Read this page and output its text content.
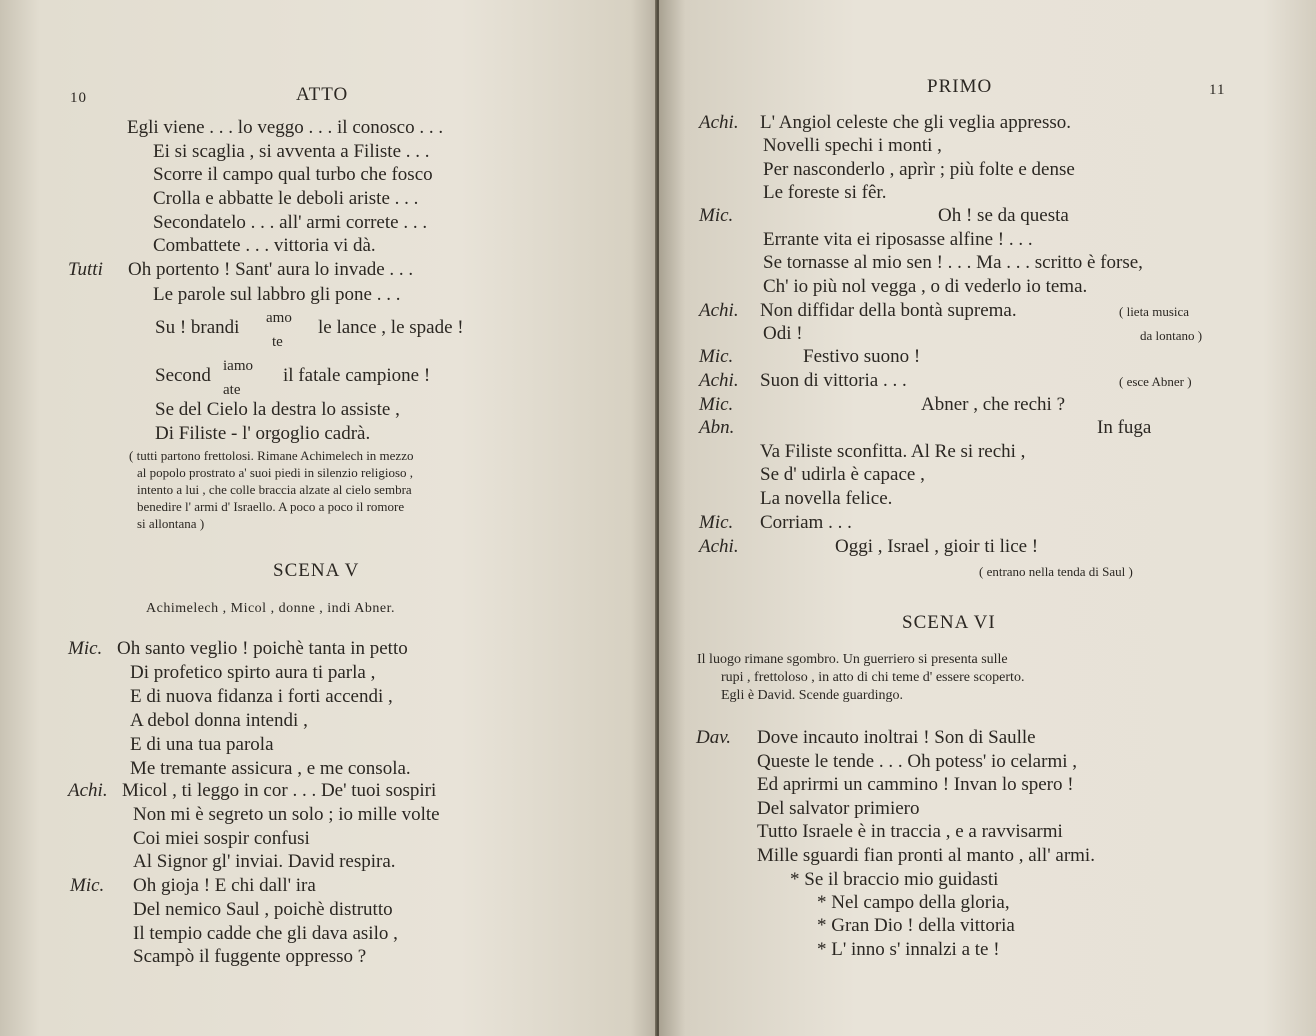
10	ATTO
Egli viene . . . lo veggo . . . il conosco . . .
Ei si scaglia , si avventa a Filiste . . .
Scorre il campo qual turbo che fosco
Crolla e abbatte le deboli ariste . . .
Secondatelo . . . all' armi correte . . .
Combattete . . . vittoria vi dà.
Tutti Oh portento ! Sant' aura lo invade . . .
Le parole sul labbro gli pone . . .
Su ! brandi amo
te
le lance , le spade !
Second iamo
ate
il fatale campione !
Se del Cielo la destra lo assiste ,
Di Filiste - l' orgoglio cadrà.
( tutti partono frettolosi. Rimane Achimelech in mezzo
al popolo prostrato a' suoi piedi in silenzio religioso ,
intento a lui , che colle braccia alzate al cielo sembra
benedire l' armi d' Israello. A poco a poco il romore
si allontana )
SCENA V
Achimelech , Micol , donne , indi Abner.
Mic. Oh santo veglio ! poichè tanta in petto
Di profetico spirto aura ti parla ,
E di nuova fidanza i forti accendi ,
A debol donna intendi ,
E di una tua parola
Me tremante assicura , e me consola.
Achi. Micol , ti leggo in cor . . . De' tuoi sospiri
Non mi è segreto un solo ; io mille volte
Coi miei sospir confusi
Al Signor gl' inviai. David respira.
Mic. Oh gioja ! E chi dall' ira
Del nemico Saul , poichè distrutto
Il tempio cadde che gli dava asilo ,
Scampò il fuggente oppresso ?
PRIMO	11
Achi. L' Angiol celeste che gli veglia appresso.
Novelli spechi i monti ,
Per nasconderlo , aprìr ; più folte e dense
Le foreste si fêr.
Mic.	Oh ! se da questa
Errante vita ei riposasse alfine ! . . .
Se tornasse al mio sen ! . . . Ma . . . scritto è forse,
Ch' io più nol vegga , o di vederlo io tema.
Achi. Non diffidar della bontà suprema.	( lieta musica
Odi !	da lontano )
Mic.	Festivo suono !
Achi. Suon di vittoria . . .	( esce Abner )
Mic.	Abner , che rechi ?
Abn.	In fuga
Va Filiste sconfitta. Al Re si rechi ,
Se d' udirla è capace ,
La novella felice.
Mic. Corriam . . .
Achi.	Oggi , Israel , gioir ti lice !
( entrano nella tenda di Saul )
SCENA VI
Il luogo rimane sgombro. Un guerriero si presenta sulle
rupi , frettoloso , in atto di chi teme d' essere scoperto.
Egli è David. Scende guardingo.
Dav. Dove incauto inoltrai ! Son di Saulle
Queste le tende . . . Oh potess' io celarmi ,
Ed aprirmi un cammino ! Invan lo spero !
Del salvator primiero
Tutto Israele è in traccia , e a ravvisarmi
Mille sguardi fian pronti al manto , all' armi.
* Se il braccio mio guidasti
* Nel campo della gloria,
* Gran Dio ! della vittoria
* L' inno s' innalzi a te !
